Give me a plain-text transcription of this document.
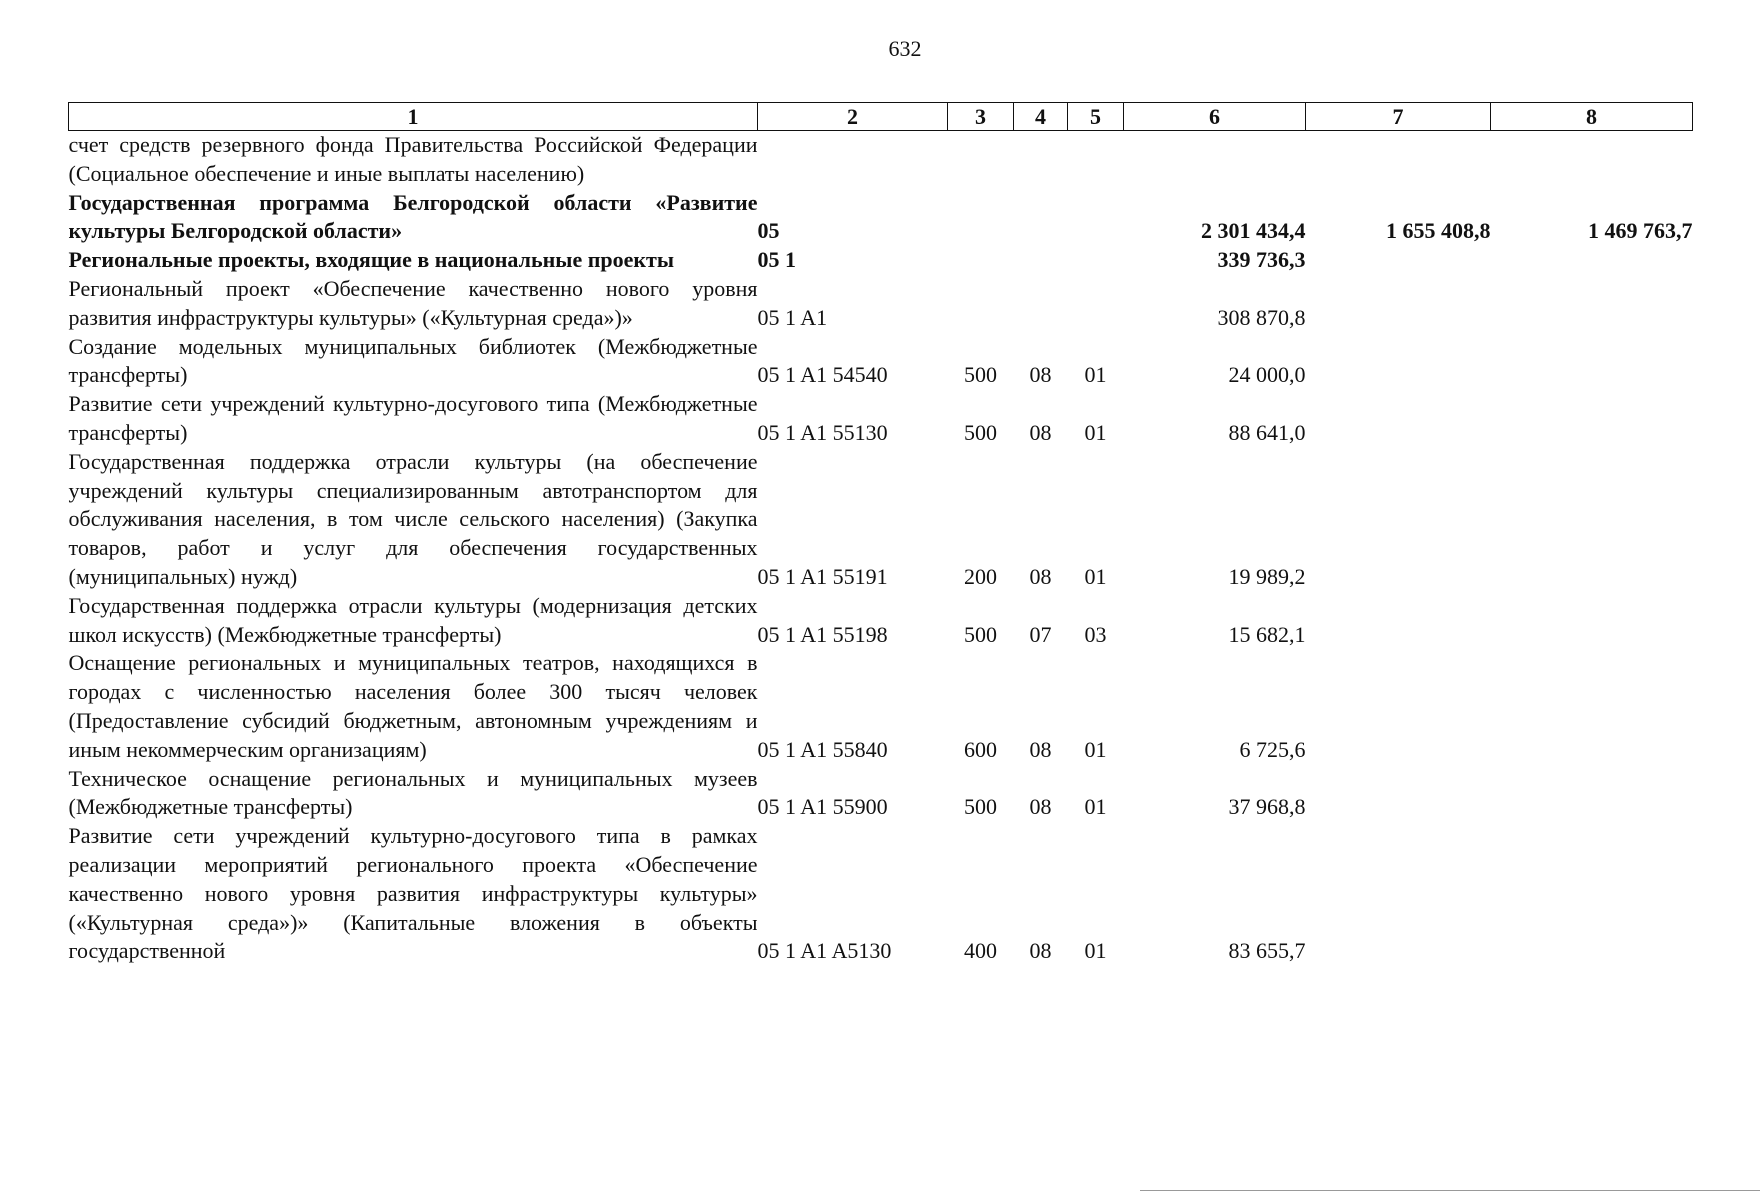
632
1	2	3	4	5	6	7	8
счет средств резервного фонда Правительства Российской Федерации (Социальное обеспечение и иные выплаты населению)							
Государственная программа Белгородской области «Развитие культуры Белгородской области»	05				2 301 434,4	1 655 408,8	1 469 763,7
Региональные проекты, входящие в национальные проекты	05 1				339 736,3		
Региональный проект «Обеспечение качественно нового уровня развития инфраструктуры культуры» («Культурная среда»)»	05 1 A1				308 870,8		
Создание модельных муниципальных библиотек (Межбюджетные трансферты)	05 1 A1 54540	500	08	01	24 000,0		
Развитие сети учреждений культурно-досугового типа (Межбюджетные трансферты)	05 1 A1 55130	500	08	01	88 641,0		
Государственная поддержка отрасли культуры (на обеспечение учреждений культуры специализированным автотранспортом для обслуживания населения, в том числе сельского населения) (Закупка товаров, работ и услуг для обеспечения государственных (муниципальных) нужд)	05 1 A1 55191	200	08	01	19 989,2		
Государственная поддержка отрасли культуры (модернизация детских школ искусств) (Межбюджетные трансферты)	05 1 A1 55198	500	07	03	15 682,1		
Оснащение региональных и муниципальных театров, находящихся в городах с численностью населения более 300 тысяч человек (Предоставление субсидий бюджетным, автономным учреждениям и иным некоммерческим организациям)	05 1 A1 55840	600	08	01	6 725,6		
Техническое оснащение региональных и муниципальных музеев (Межбюджетные трансферты)	05 1 A1 55900	500	08	01	37 968,8		
Развитие сети учреждений культурно-досугового типа в рамках реализации мероприятий регионального проекта «Обеспечение качественно нового уровня развития инфраструктуры культуры» («Культурная среда»)» (Капитальные вложения в объекты государственной	05 1 A1 A5130	400	08	01	83 655,7		
